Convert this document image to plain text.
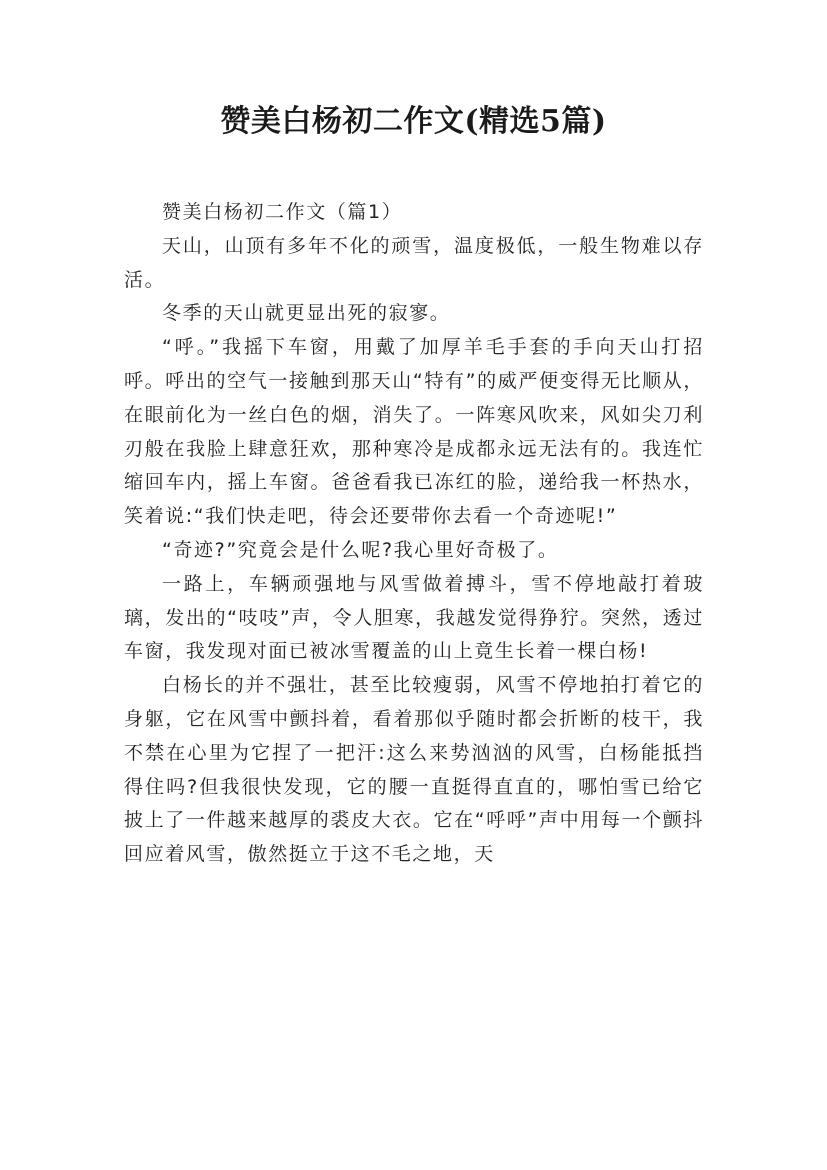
赞美白杨初二作文(精选5篇)

赞美白杨初二作文（篇1）

天山，山顶有多年不化的顽雪，温度极低，一般生物难以存活。

冬季的天山就更显出死的寂寥。

“呼。”我摇下车窗，用戴了加厚羊毛手套的手向天山打招呼。呼出的空气一接触到那天山“特有”的威严便变得无比顺从，在眼前化为一丝白色的烟，消失了。一阵寒风吹来，风如尖刀利刃般在我脸上肆意狂欢，那种寒冷是成都永远无法有的。我连忙缩回车内，摇上车窗。爸爸看我已冻红的脸，递给我一杯热水，笑着说:“我们快走吧，待会还要带你去看一个奇迹呢!”

“奇迹?”究竟会是什么呢?我心里好奇极了。

一路上，车辆顽强地与风雪做着搏斗，雪不停地敲打着玻璃，发出的“吱吱”声，令人胆寒，我越发觉得狰狞。突然，透过车窗，我发现对面已被冰雪覆盖的山上竟生长着一棵白杨!

白杨长的并不强壮，甚至比较瘦弱，风雪不停地拍打着它的身躯，它在风雪中颤抖着，看着那似乎随时都会折断的枝干，我不禁在心里为它捏了一把汗:这么来势汹汹的风雪，白杨能抵挡得住吗?但我很快发现，它的腰一直挺得直直的，哪怕雪已给它披上了一件越来越厚的裘皮大衣。它在“呼呼”声中用每一个颤抖回应着风雪，傲然挺立于这不毛之地，天
